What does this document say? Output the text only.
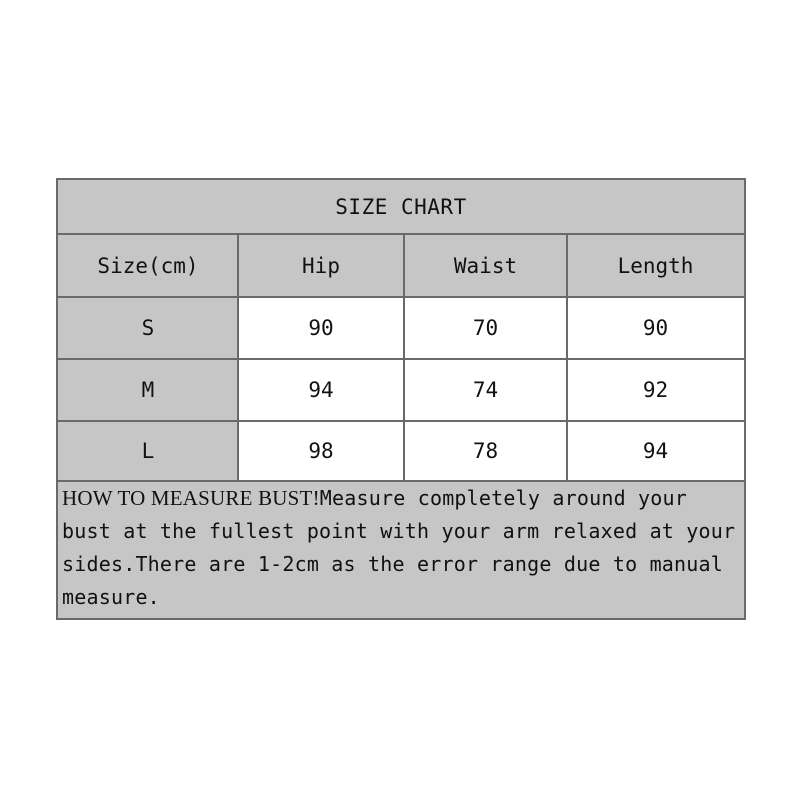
SIZE CHART
Size(cm)	Hip	Waist	Length
S	90	70	90
M	94	74	92
L	98	78	94
HOW TO MEASURE BUST!Measure completely around your bust at the fullest point with your arm relaxed at your sides.There are 1-2cm as the error range due to manual measure.
